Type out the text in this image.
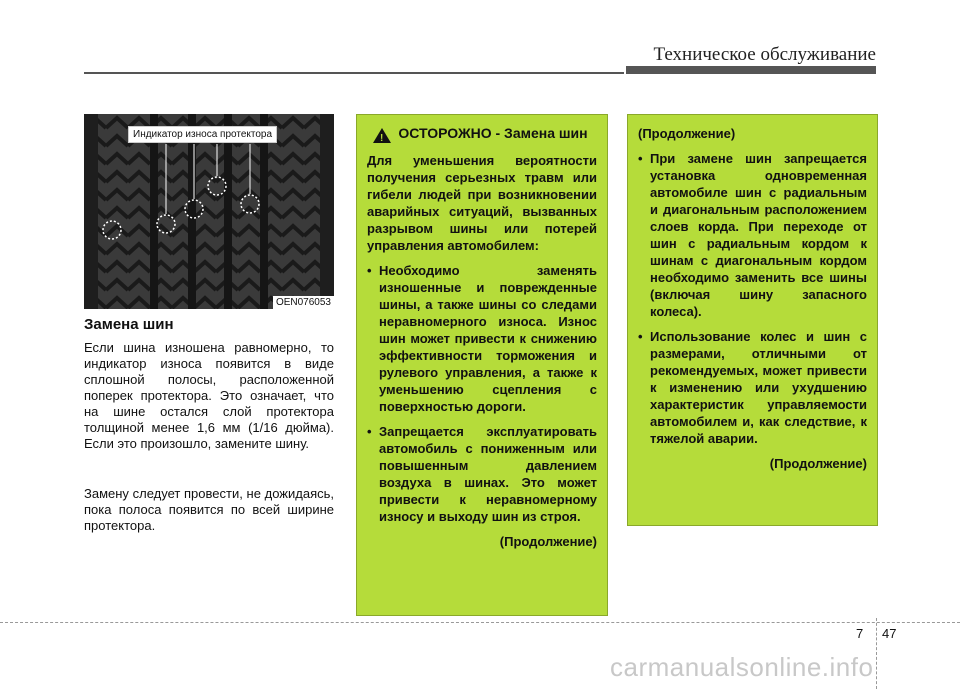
Техническое обслуживание
Индикатор износа протектора
OEN076053
Замена шин
Если шина изношена равномерно, то индикатор износа появится в виде сплошной полосы, расположенной поперек протектора. Это означает, что на шине остался слой протектора толщиной менее 1,6 мм (1/16 дюйма). Если это произошло, замените шину.
Замену следует провести, не дожидаясь, пока полоса появится по всей ширине протектора.
!
ОСТОРОЖНО - Замена шин

Для уменьшения вероятности получения серьезных травм или гибели людей при возникновении аварийных ситуаций, вызванных разрывом шины или потерей управления автомобилем:

• Необходимо заменять изношенные и поврежденные шины, а также шины со следами неравномерного износа. Износ шин может привести к снижению эффективности торможения и рулевого управления, а также к уменьшению сцепления с поверхностью дороги.
• Запрещается эксплуатировать автомобиль с пониженным или повышенным давлением воздуха в шинах. Это может привести к неравномерному износу и выходу шин из строя.
(Продолжение)

(Продолжение)

• При замене шин запрещается установка одновременная автомобиле шин с радиальным и диагональным расположением слоев корда. При переходе от шин с радиальным кордом к шинам с диагональным кордом необходимо заменить все шины (включая шину запасного колеса).
• Использование колес и шин с размерами, отличными от рекомендуемых, может привести к изменению или ухудшению характеристик управляемости автомобилем и, как следствие, к тяжелой аварии.
(Продолжение)
7 47
carmanualsonline.info
